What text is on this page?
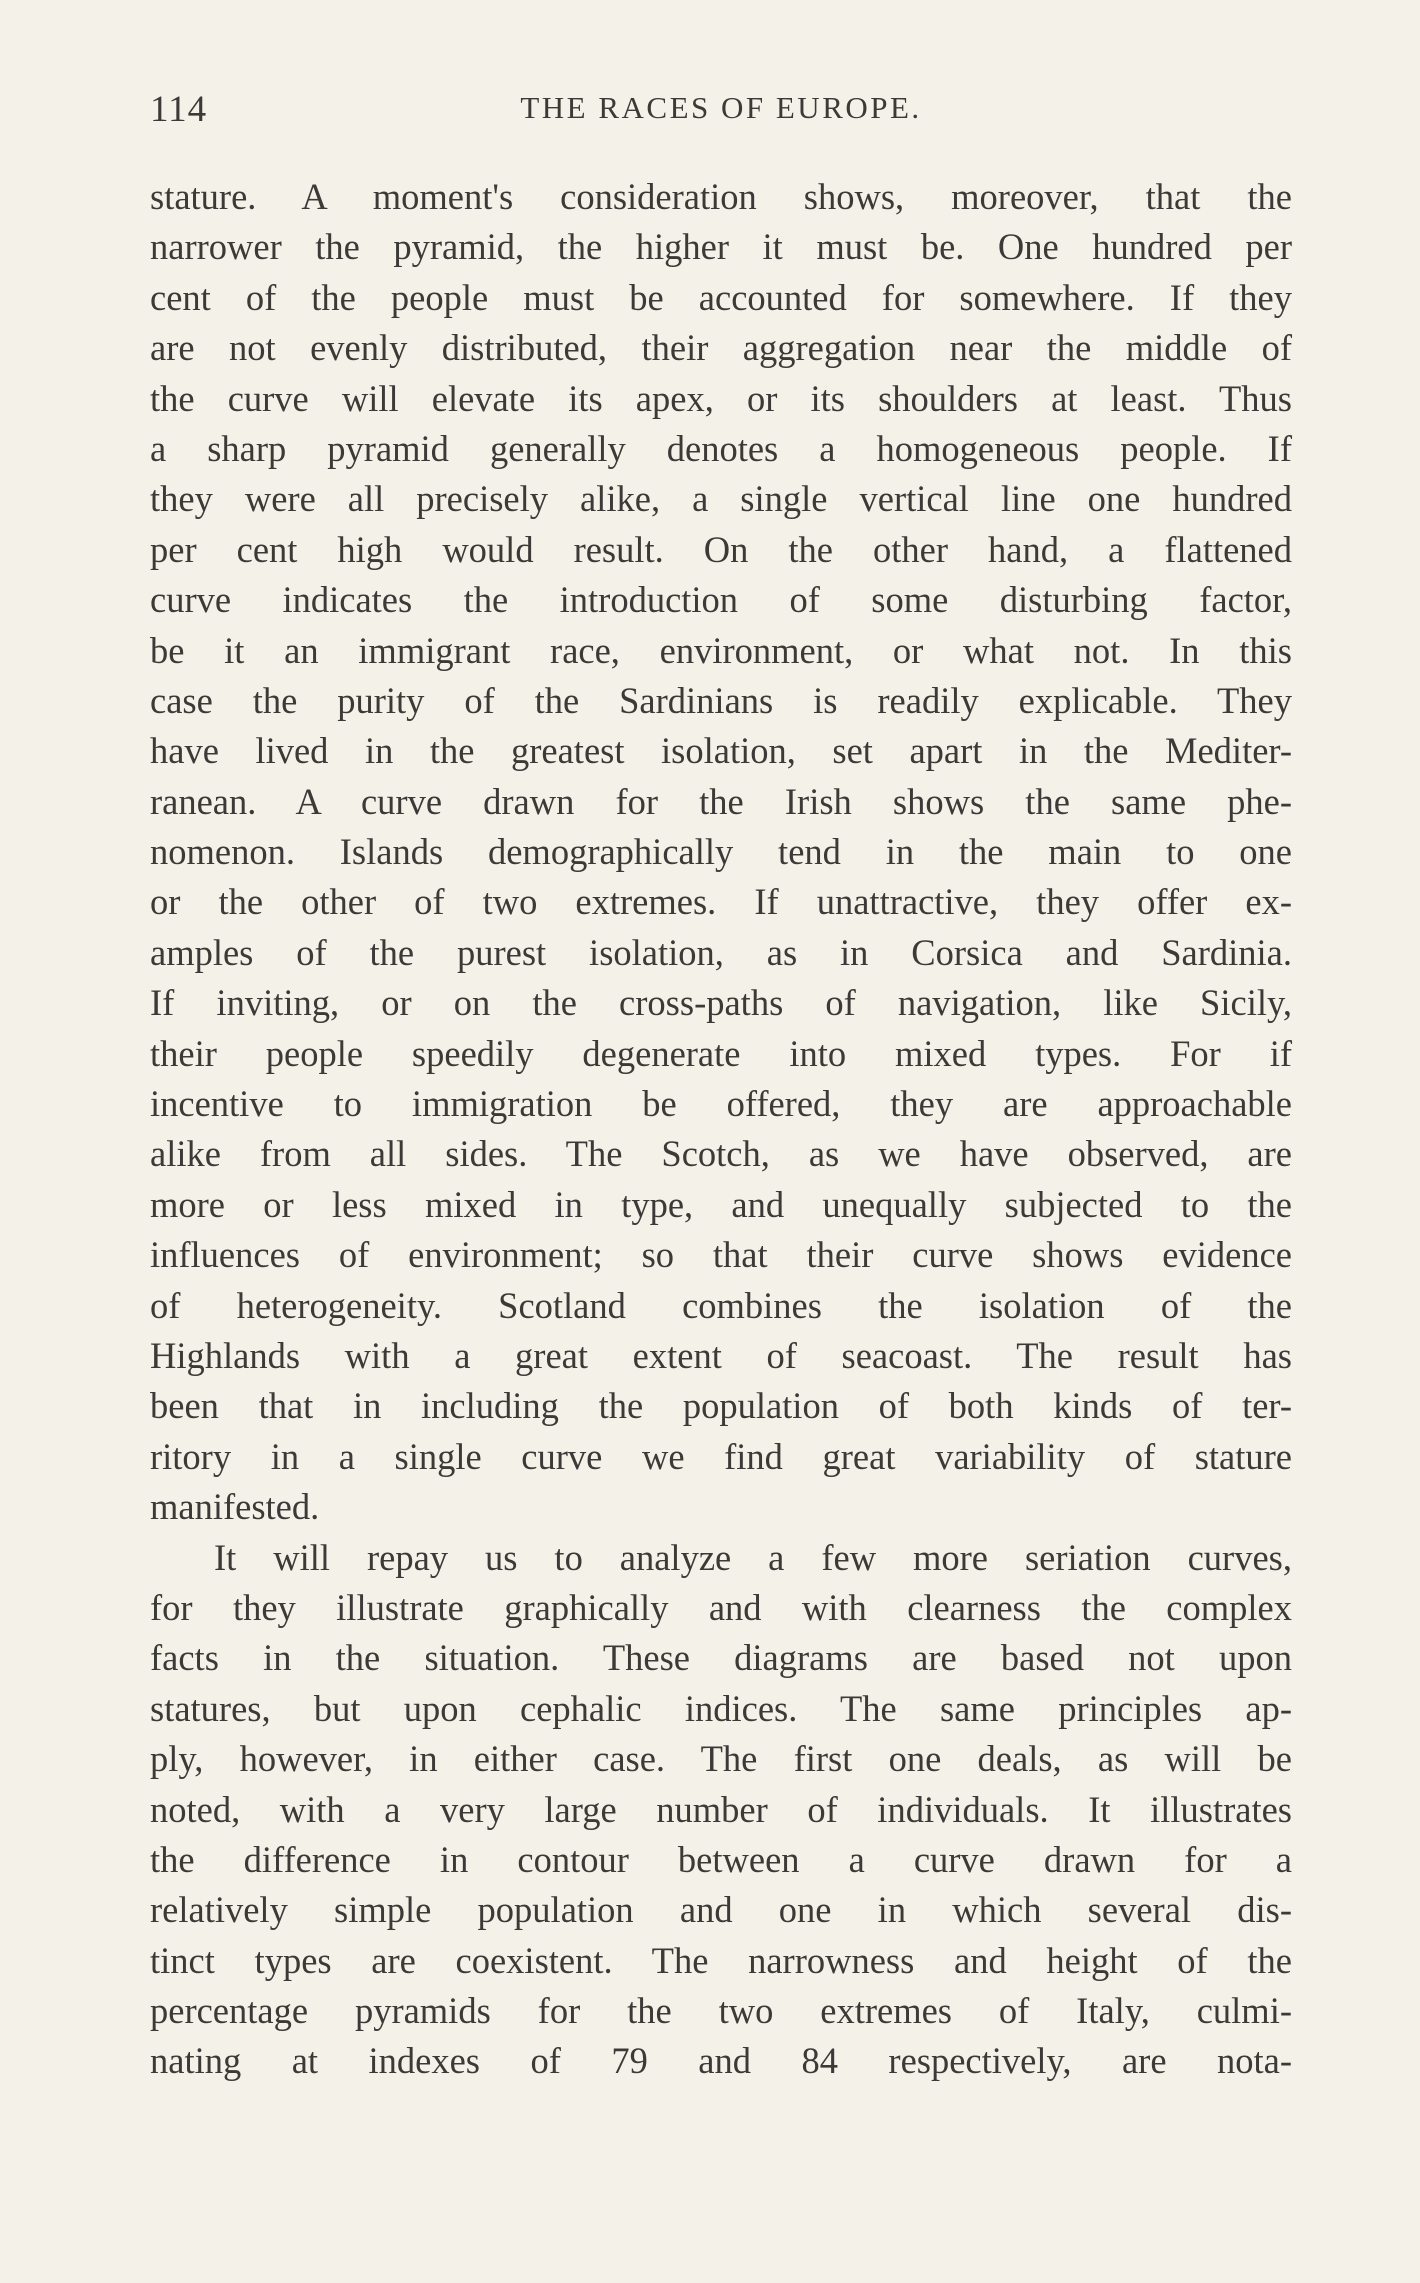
114	THE RACES OF EUROPE.
stature. A moment's consideration shows, moreover, that the
narrower the pyramid, the higher it must be. One hundred per
cent of the people must be accounted for somewhere. If they
are not evenly distributed, their aggregation near the middle of
the curve will elevate its apex, or its shoulders at least. Thus
a sharp pyramid generally denotes a homogeneous people. If
they were all precisely alike, a single vertical line one hundred
per cent high would result. On the other hand, a flattened
curve indicates the introduction of some disturbing factor,
be it an immigrant race, environment, or what not. In this
case the purity of the Sardinians is readily explicable. They
have lived in the greatest isolation, set apart in the Mediter-
ranean. A curve drawn for the Irish shows the same phe-
nomenon. Islands demographically tend in the main to one
or the other of two extremes. If unattractive, they offer ex-
amples of the purest isolation, as in Corsica and Sardinia.
If inviting, or on the cross-paths of navigation, like Sicily,
their people speedily degenerate into mixed types. For if
incentive to immigration be offered, they are approachable
alike from all sides. The Scotch, as we have observed, are
more or less mixed in type, and unequally subjected to the
influences of environment; so that their curve shows evidence
of heterogeneity. Scotland combines the isolation of the
Highlands with a great extent of seacoast. The result has
been that in including the population of both kinds of ter-
ritory in a single curve we find great variability of stature
manifested.
It will repay us to analyze a few more seriation curves,
for they illustrate graphically and with clearness the complex
facts in the situation. These diagrams are based not upon
statures, but upon cephalic indices. The same principles ap-
ply, however, in either case. The first one deals, as will be
noted, with a very large number of individuals. It illustrates
the difference in contour between a curve drawn for a
relatively simple population and one in which several dis-
tinct types are coexistent. The narrowness and height of the
percentage pyramids for the two extremes of Italy, culmi-
nating at indexes of 79 and 84 respectively, are nota-
